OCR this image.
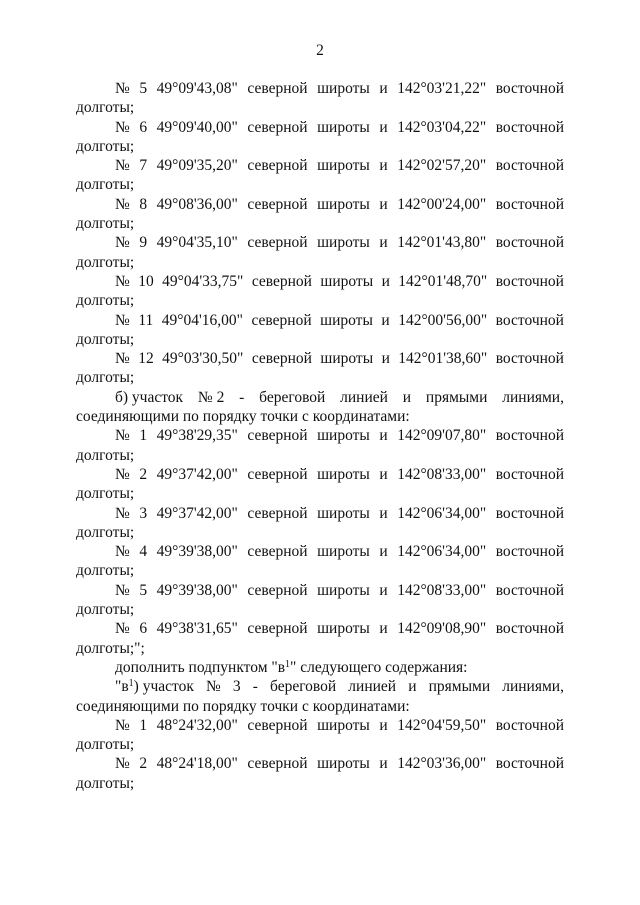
2
№ 5 49°09'43,08" северной широты и 142°03'21,22" восточной
долготы;
№ 6 49°09'40,00" северной широты и 142°03'04,22" восточной
долготы;
№ 7 49°09'35,20" северной широты и 142°02'57,20" восточной
долготы;
№ 8 49°08'36,00" северной широты и 142°00'24,00" восточной
долготы;
№ 9 49°04'35,10" северной широты и 142°01'43,80" восточной
долготы;
№ 10 49°04'33,75" северной широты и 142°01'48,70" восточной
долготы;
№ 11 49°04'16,00" северной широты и 142°00'56,00" восточной
долготы;
№ 12 49°03'30,50" северной широты и 142°01'38,60" восточной
долготы;
б) участок № 2 - береговой линией и прямыми линиями,
соединяющими по порядку точки с координатами:
№ 1 49°38'29,35" северной широты и 142°09'07,80" восточной
долготы;
№ 2 49°37'42,00" северной широты и 142°08'33,00" восточной
долготы;
№ 3 49°37'42,00" северной широты и 142°06'34,00" восточной
долготы;
№ 4 49°39'38,00" северной широты и 142°06'34,00" восточной
долготы;
№ 5 49°39'38,00" северной широты и 142°08'33,00" восточной
долготы;
№ 6 49°38'31,65" северной широты и 142°09'08,90" восточной
долготы;";
дополнить подпунктом "$в^1$" следующего содержания:
"$в^1$) участок № 3 - береговой линией и прямыми линиями,
соединяющими по порядку точки с координатами:
№ 1 48°24'32,00" северной широты и 142°04'59,50" восточной
долготы;
№ 2 48°24'18,00" северной широты и 142°03'36,00" восточной
долготы;
